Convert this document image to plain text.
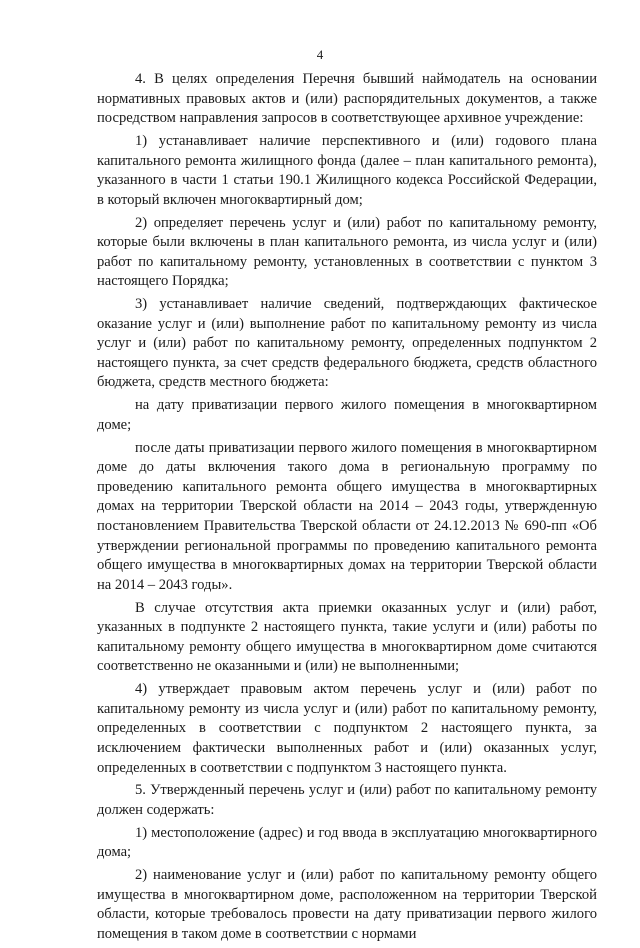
4

4. В целях определения Перечня бывший наймодатель на основании нормативных правовых актов и (или) распорядительных документов, а также посредством направления запросов в соответствующее архивное учреждение:

1) устанавливает наличие перспективного и (или) годового плана капитального ремонта жилищного фонда (далее – план капитального ремонта), указанного в части 1 статьи 190.1 Жилищного кодекса Российской Федерации, в который включен многоквартирный дом;

2) определяет перечень услуг и (или) работ по капитальному ремонту, которые были включены в план капитального ремонта, из числа услуг и (или) работ по капитальному ремонту, установленных в соответствии с пунктом 3 настоящего Порядка;

3) устанавливает наличие сведений, подтверждающих фактическое оказание услуг и (или) выполнение работ по капитальному ремонту из числа услуг и (или) работ по капитальному ремонту, определенных подпунктом 2 настоящего пункта, за счет средств федерального бюджета, средств областного бюджета, средств местного бюджета:

на дату приватизации первого жилого помещения в многоквартирном доме;

после даты приватизации первого жилого помещения в многоквартирном доме до даты включения такого дома в региональную программу по проведению капитального ремонта общего имущества в многоквартирных домах на территории Тверской области на 2014 – 2043 годы, утвержденную постановлением Правительства Тверской области от 24.12.2013 № 690-пп «Об утверждении региональной программы по проведению капитального ремонта общего имущества в многоквартирных домах на территории Тверской области на 2014 – 2043 годы».

В случае отсутствия акта приемки оказанных услуг и (или) работ, указанных в подпункте 2 настоящего пункта, такие услуги и (или) работы по капитальному ремонту общего имущества в многоквартирном доме считаются соответственно не оказанными и (или) не выполненными;

4) утверждает правовым актом перечень услуг и (или) работ по капитальному ремонту из числа услуг и (или) работ по капитальному ремонту, определенных в соответствии с подпунктом 2 настоящего пункта, за исключением фактически выполненных работ и (или) оказанных услуг, определенных в соответствии с подпунктом 3 настоящего пункта.

5. Утвержденный перечень услуг и (или) работ по капитальному ремонту должен содержать:

1) местоположение (адрес) и год ввода в эксплуатацию многоквартирного дома;

2) наименование услуг и (или) работ по капитальному ремонту общего имущества в многоквартирном доме, расположенном на территории Тверской области, которые требовалось провести на дату приватизации первого жилого помещения в таком доме в соответствии с нормами
